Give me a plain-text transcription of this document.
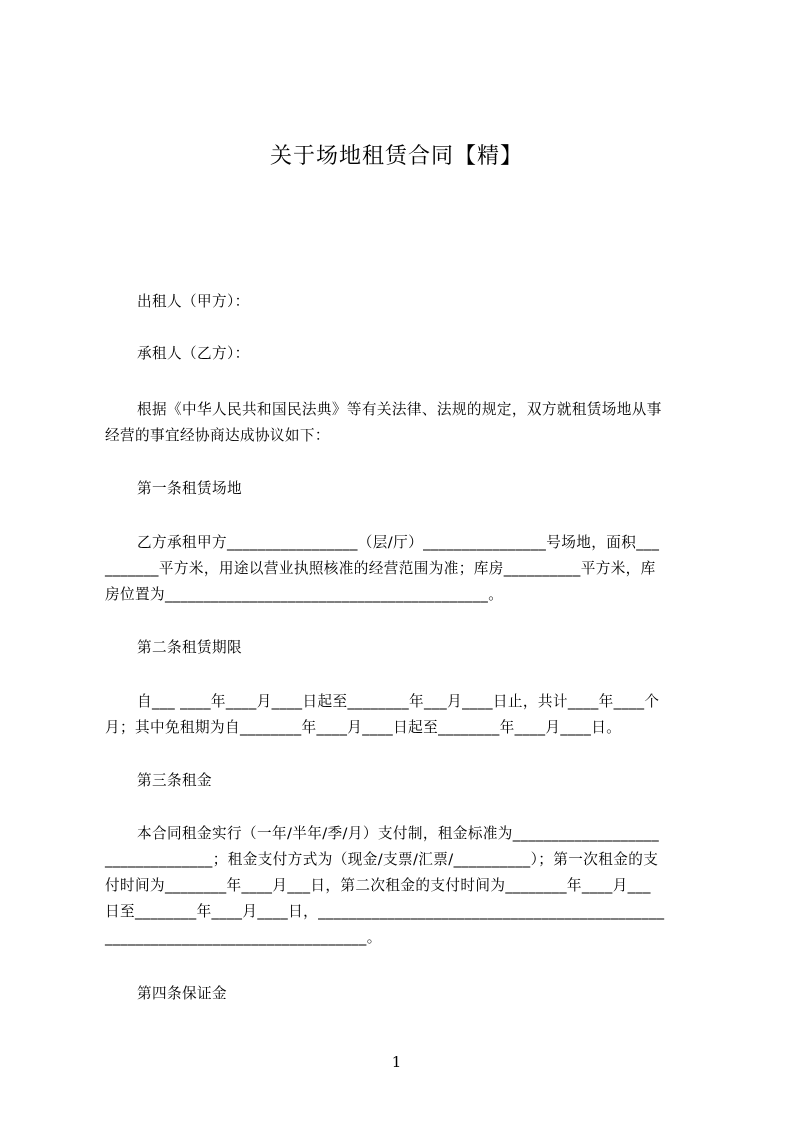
关于场地租赁合同【精】
出租人（甲方）：
承租人（乙方）：
根据《中华人民共和国民法典》等有关法律、法规的规定，双方就租赁场地从事
经营的事宜经协商达成协议如下：
第一条租赁场地
乙方承租甲方_________________（层/厅）________________号场地，面积___
_______平方米，用途以营业执照核准的经营范围为准；库房__________平方米，库
房位置为__________________________________________。
第二条租赁期限
自___ ____年____月____日起至________年___月____日止，共计____年____个
月；其中免租期为自________年____月____日起至________年____月____日。
第三条租金
本合同租金实行（一年/半年/季/月）支付制，租金标准为___________________
______________；租金支付方式为（现金/支票/汇票/__________）；第一次租金的支
付时间为________年____月___日，第二次租金的支付时间为________年____月___
日至________年____月____日，_____________________________________________
__________________________________。
第四条保证金
1
